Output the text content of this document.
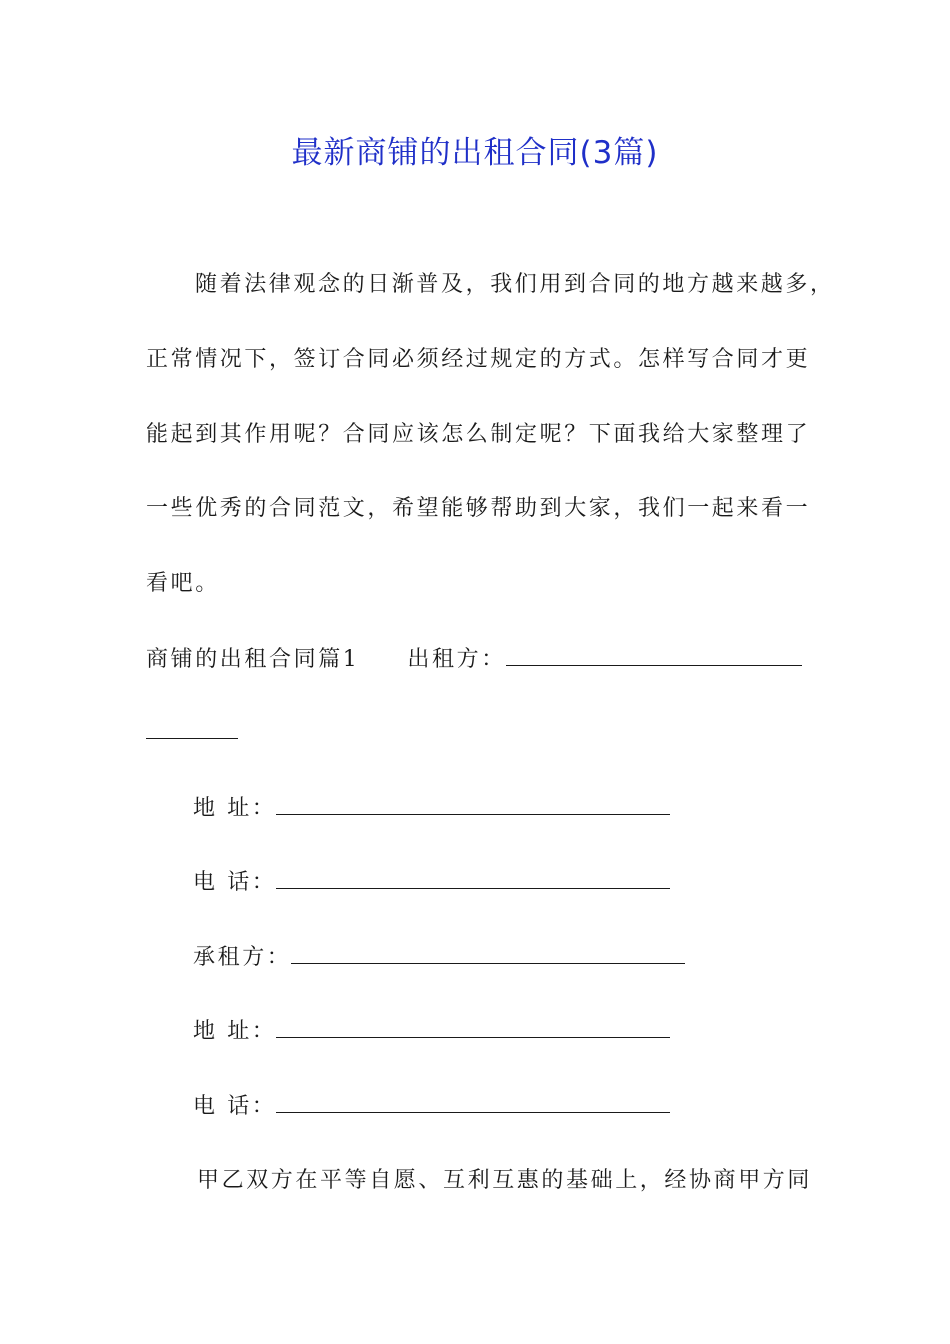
最新商铺的出租合同(3篇)
随着法律观念的日渐普及，我们用到合同的地方越来越多，
正常情况下，签订合同必须经过规定的方式。怎样写合同才更
能起到其作用呢？合同应该怎么制定呢？下面我给大家整理了
一些优秀的合同范文，希望能够帮助到大家，我们一起来看一
看吧。
商铺的出租合同篇1 出租方：
地 址：
电 话：
承租方：
地 址：
电 话：
甲乙双方在平等自愿、互利互惠的基础上，经协商甲方同
